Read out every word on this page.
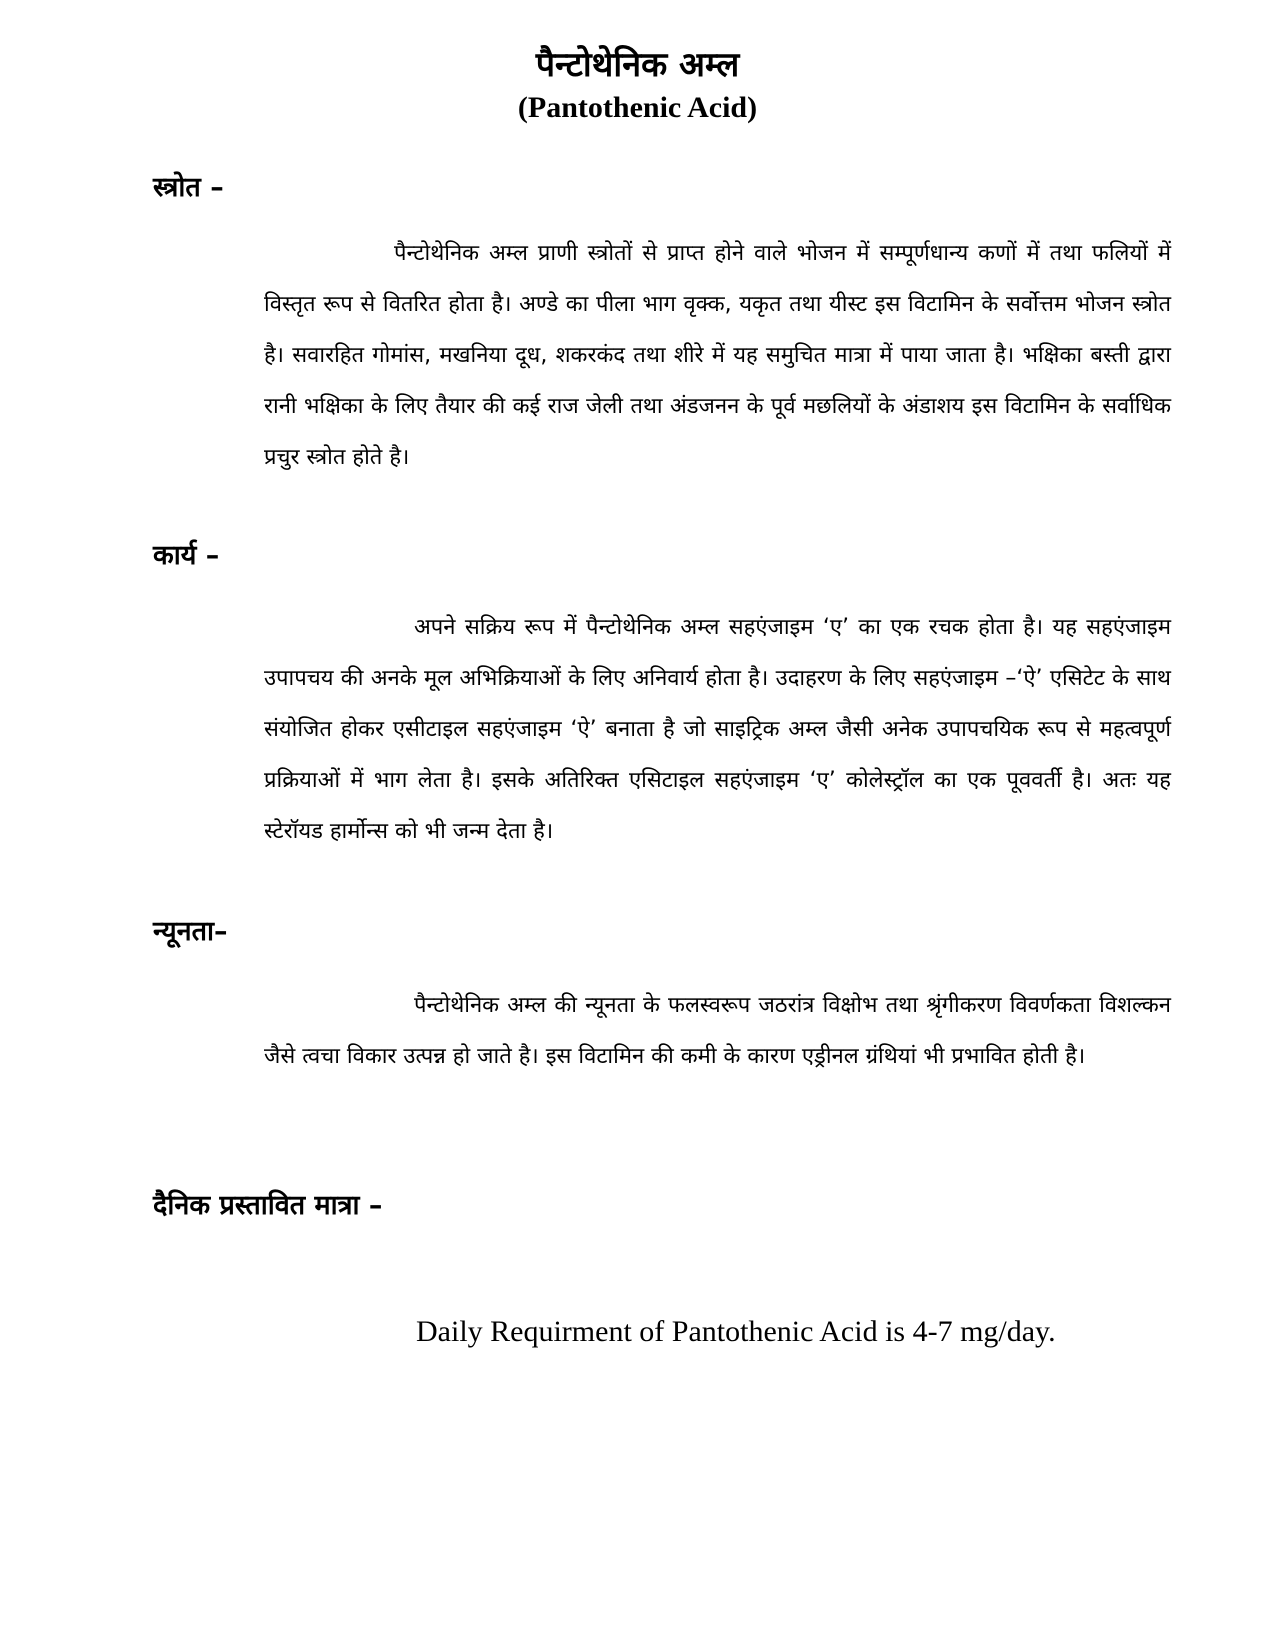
पैन्टोथेनिक अम्ल
(Pantothenic Acid)
स्त्रोत –

पैन्टोथेनिक अम्ल प्राणी स्त्रोतों से प्राप्त होने वाले भोजन में सम्पूर्णधान्य कणों में तथा फलियों में विस्तृत रूप से वितरित होता है। अण्डे का पीला भाग वृक्क, यकृत तथा यीस्ट इस विटामिन के सर्वोत्तम भोजन स्त्रोत है। सवारहित गोमांस, मखनिया दूध, शकरकंद तथा शीरे में यह समुचित मात्रा में पाया जाता है। भक्षिका बस्ती द्वारा रानी भक्षिका के लिए तैयार की कई राज जेली तथा अंडजनन के पूर्व मछलियों के अंडाशय इस विटामिन के सर्वाधिक प्रचुर स्त्रोत होते है।

कार्य –

अपने सक्रिय रूप में पैन्टोथेनिक अम्ल सहएंजाइम ‘ए’ का एक रचक होता है। यह सहएंजाइम उपापचय की अनके मूल अभिक्रियाओं के लिए अनिवार्य होता है। उदाहरण के लिए सहएंजाइम –‘ऐ’ एसिटेट के साथ संयोजित होकर एसीटाइल सहएंजाइम ‘ऐ’ बनाता है जो साइट्रिक अम्ल जैसी अनेक उपापचयिक रूप से महत्वपूर्ण प्रक्रियाओं में भाग लेता है। इसके अतिरिक्त एसिटाइल सहएंजाइम ‘ए’ कोलेस्ट्रॉल का एक पूववर्ती है। अतः यह स्टेरॉयड हार्मोन्स को भी जन्म देता है।

न्यूनता–

पैन्टोथेनिक अम्ल की न्यूनता के फलस्वरूप जठरांत्र विक्षोभ तथा श्रृंगीकरण विवर्णकता विशल्कन जैसे त्वचा विकार उत्पन्न हो जाते है। इस विटामिन की कमी के कारण एड्रीनल ग्रंथियां भी प्रभावित होती है।

दैनिक प्रस्तावित मात्रा –
Daily Requirment of Pantothenic Acid is 4-7 mg/day.
